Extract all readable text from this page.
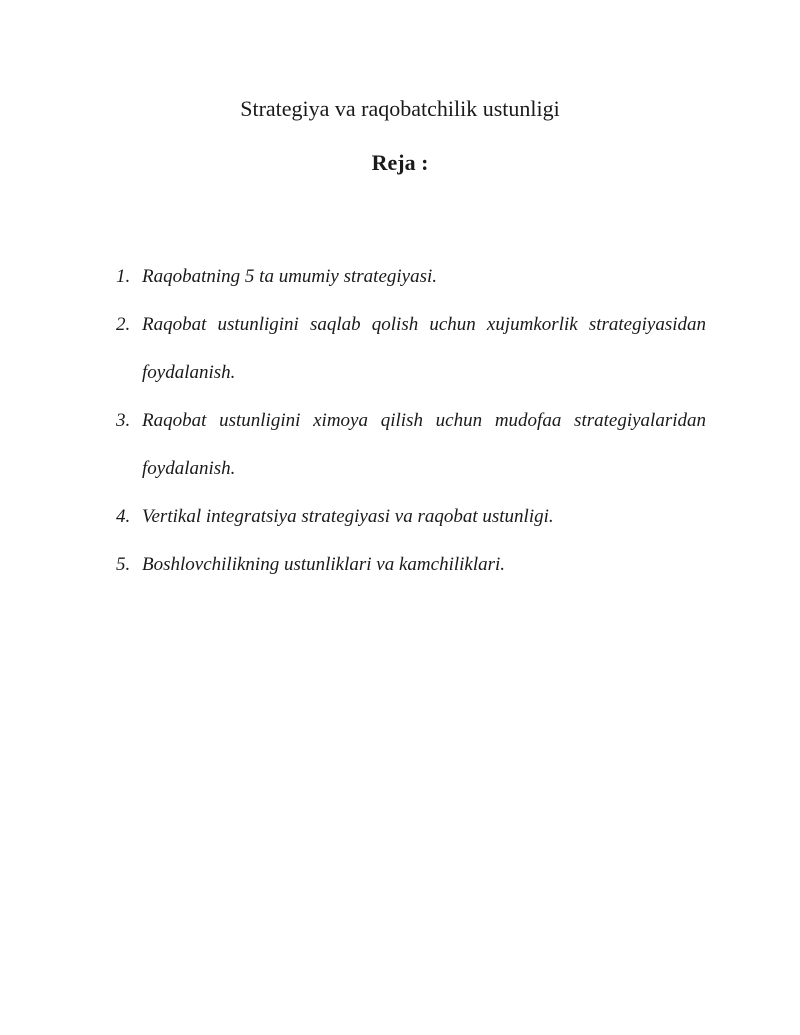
Strategiya va raqobatchilik ustunligi
Reja :
1. Raqobatning 5 ta umumiy strategiyasi.
2. Raqobat ustunligini saqlab qolish uchun xujumkorlik strategiyasidan foydalanish.
3. Raqobat ustunligini ximoya qilish uchun mudofaa strategiyalaridan foydalanish.
4. Vertikal integratsiya strategiyasi va raqobat ustunligi.
5. Boshlovchilikning ustunliklari va kamchiliklari.
